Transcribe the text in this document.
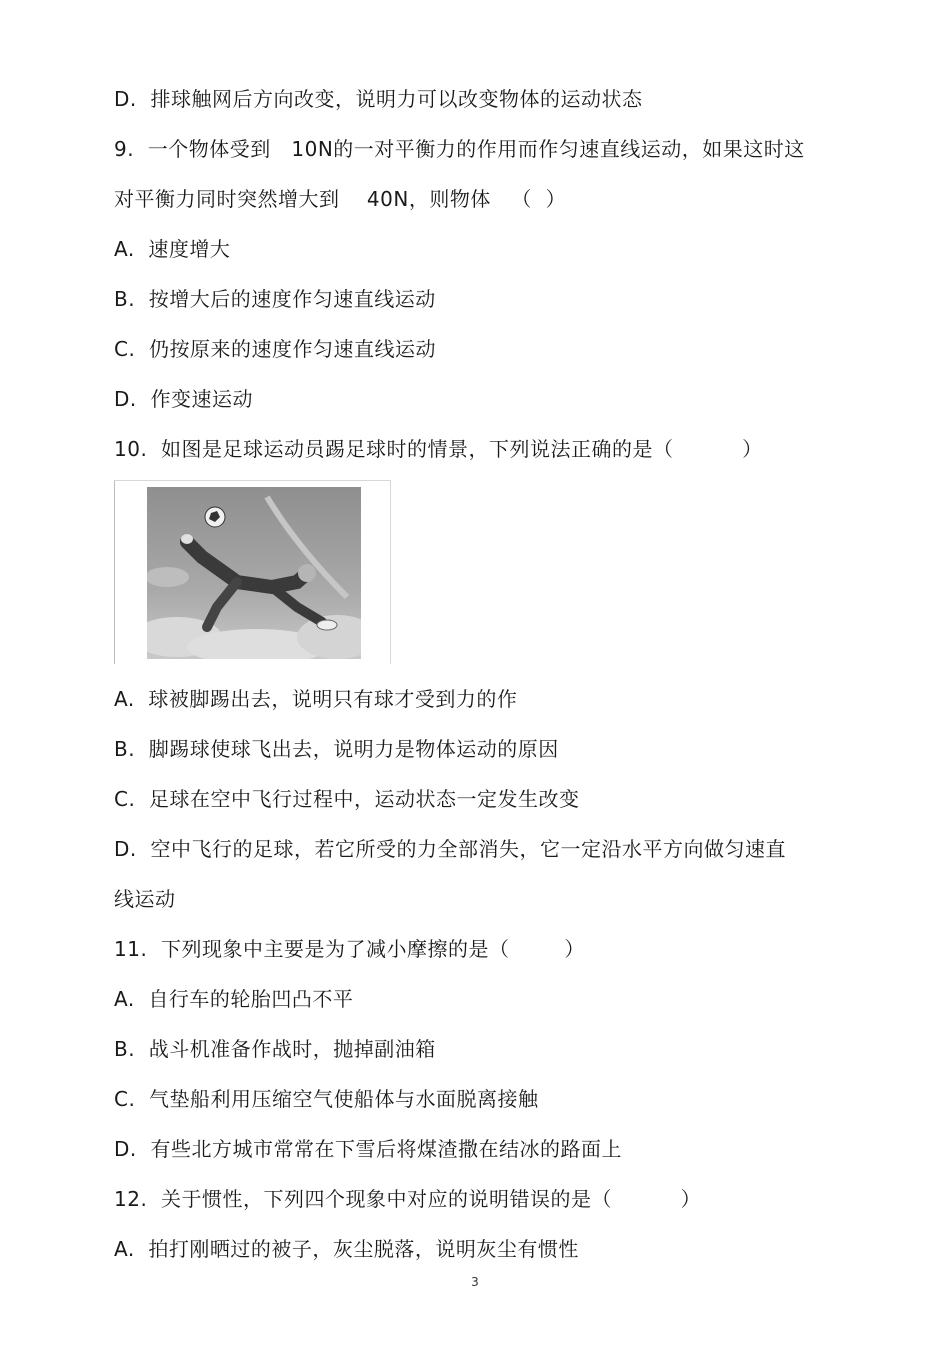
D.  排球触网后方向改变，说明力可以改变物体的运动状态
9.  一个物体受到   10N的一对平衡力的作用而作匀速直线运动，如果这时这
对平衡力同时突然增大到    40N，则物体   （  ）
A.  速度增大
B.  按增大后的速度作匀速直线运动
C.  仍按原来的速度作匀速直线运动
D.  作变速运动
10.  如图是足球运动员踢足球时的情景，下列说法正确的是（          ）
A.  球被脚踢出去，说明只有球才受到力的作
B.  脚踢球使球飞出去，说明力是物体运动的原因
C.  足球在空中飞行过程中，运动状态一定发生改变
D.  空中飞行的足球，若它所受的力全部消失，它一定沿水平方向做匀速直
线运动
11.  下列现象中主要是为了减小摩擦的是（        ）
A.  自行车的轮胎凹凸不平
B.  战斗机准备作战时，抛掉副油箱
C.  气垫船利用压缩空气使船体与水面脱离接触
D.  有些北方城市常常在下雪后将煤渣撒在结冰的路面上
12.  关于惯性，下列四个现象中对应的说明错误的是（          ）
A.  拍打刚晒过的被子，灰尘脱落，说明灰尘有惯性
3
